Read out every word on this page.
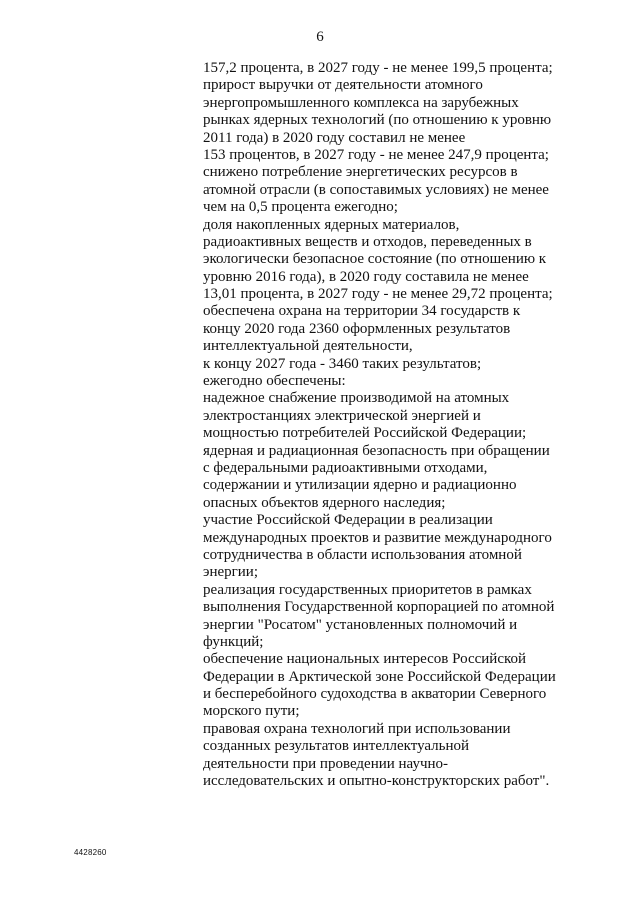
6
157,2 процента, в 2027 году - не менее 199,5 процента;
прирост выручки от деятельности атомного
энергопромышленного комплекса на зарубежных
рынках ядерных технологий (по отношению к уровню
2011 года) в 2020 году составил не менее
153 процентов, в 2027 году - не менее 247,9 процента;
снижено потребление энергетических ресурсов в
атомной отрасли (в сопоставимых условиях) не менее
чем на 0,5 процента ежегодно;
доля накопленных ядерных материалов,
радиоактивных веществ и отходов, переведенных в
экологически безопасное состояние (по отношению к
уровню 2016 года), в 2020 году составила не менее
13,01 процента, в 2027 году - не менее 29,72 процента;
обеспечена охрана на территории 34 государств к
концу 2020 года 2360 оформленных результатов
интеллектуальной деятельности,
к концу 2027 года - 3460 таких результатов;
ежегодно обеспечены:
надежное снабжение производимой на атомных
электростанциях электрической энергией и
мощностью потребителей Российской Федерации;
ядерная и радиационная безопасность при обращении
с федеральными радиоактивными отходами,
содержании и утилизации ядерно и радиационно
опасных объектов ядерного наследия;
участие Российской Федерации в реализации
международных проектов и развитие международного
сотрудничества в области использования атомной
энергии;
реализация государственных приоритетов в рамках
выполнения Государственной корпорацией по атомной
энергии "Росатом" установленных полномочий и
функций;
обеспечение национальных интересов Российской
Федерации в Арктической зоне Российской Федерации
и бесперебойного судоходства в акватории Северного
морского пути;
правовая охрана технологий при использовании
созданных результатов интеллектуальной
деятельности при проведении научно-
исследовательских и опытно-конструкторских работ".
4428260
